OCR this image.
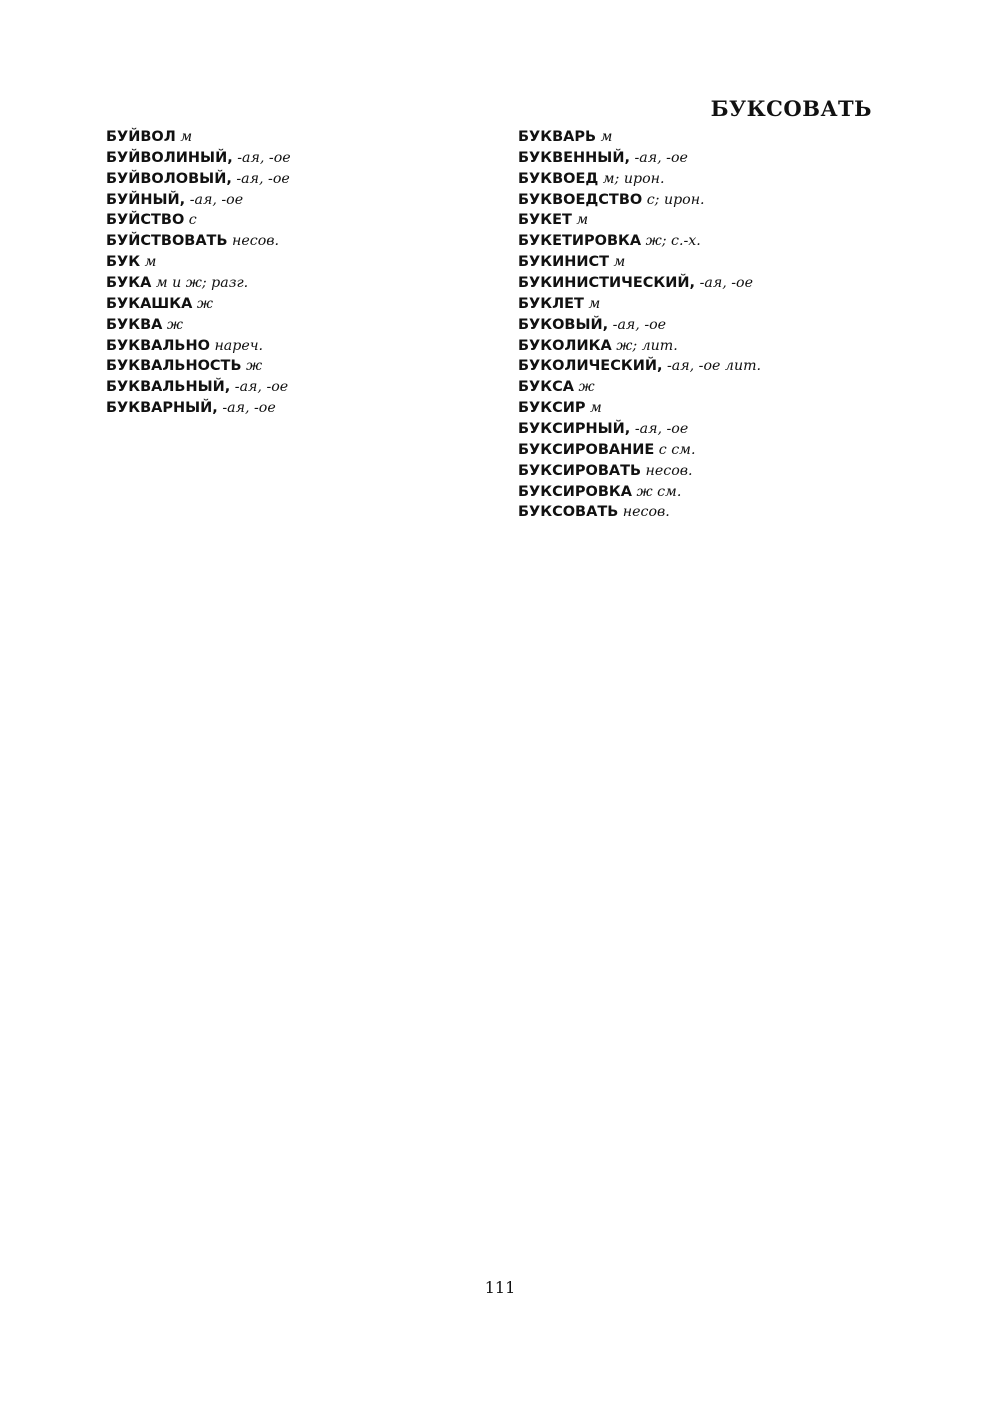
БУКСОВАТЬ

БУЙВОЛ м

БУЙВОЛИНЫЙ, -ая, -ое

БУЙВОЛОВЫЙ, -ая, -ое

БУЙНЫЙ, -ая, -ое

БУЙСТВО с

БУЙСТВОВАТЬ несов.

БУК м

БУКА м и ж; разг.

БУКАШКА ж

БУКВА ж

БУКВАЛЬНО нареч.

БУКВАЛЬНОСТЬ ж

БУКВАЛЬНЫЙ, -ая, -ое

БУКВАРНЫЙ, -ая, -ое

БУКВАРЬ м

БУКВЕННЫЙ, -ая, -ое

БУКВОЕД м; ирон.

БУКВОЕДСТВО с; ирон.

БУКЕТ м

БУКЕТИРОВКА ж; с.-х.

БУКИНИСТ м

БУКИНИСТИЧЕСКИЙ, -ая, -ое

БУКЛЕТ м

БУКОВЫЙ, -ая, -ое

БУКОЛИКА ж; лит.

БУКОЛИЧЕСКИЙ, -ая, -ое лит.

БУКСА ж

БУКСИР м

БУКСИРНЫЙ, -ая, -ое

БУКСИРОВАНИЕ с см.

БУКСИРОВАТЬ несов.

БУКСИРОВКА ж см.

БУКСОВАТЬ несов.

111
